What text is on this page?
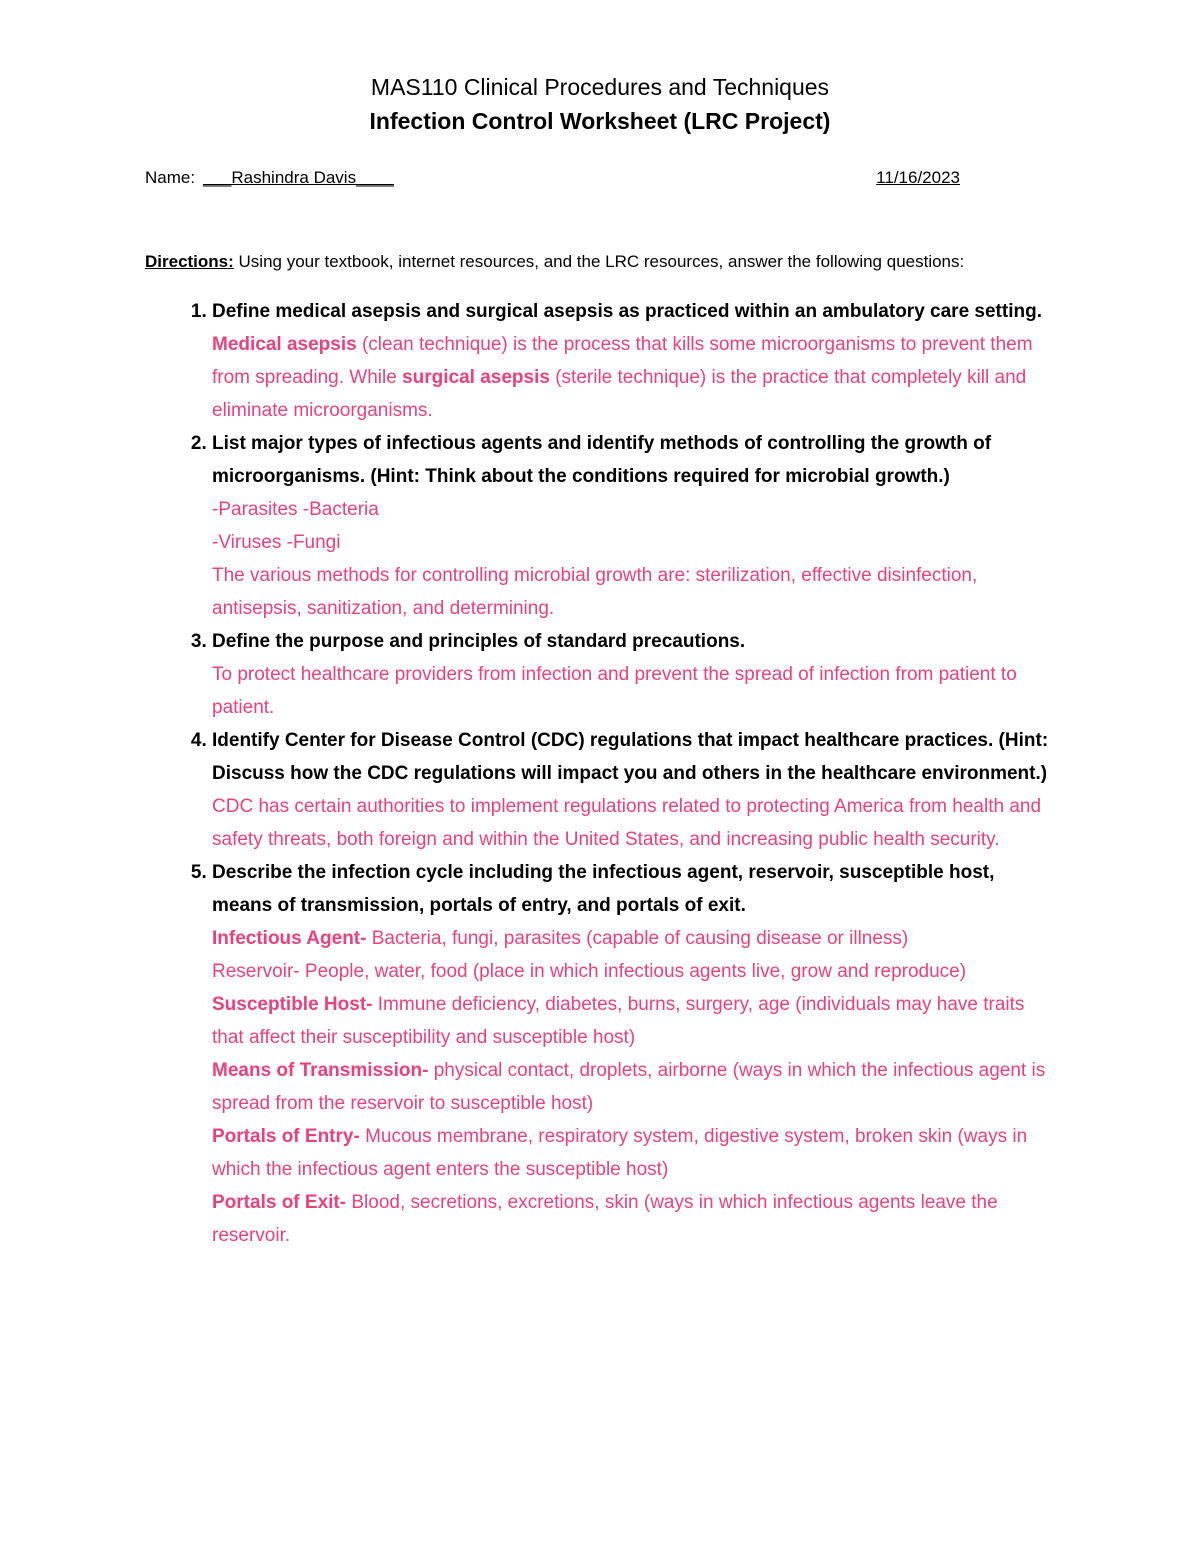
MAS110 Clinical Procedures and Techniques
Infection Control Worksheet (LRC Project)
Name: ___Rashindra Davis____	11/16/2023
Directions: Using your textbook, internet resources, and the LRC resources, answer the following questions:
1. Define medical asepsis and surgical asepsis as practiced within an ambulatory care setting.
Medical asepsis (clean technique) is the process that kills some microorganisms to prevent them from spreading. While surgical asepsis (sterile technique) is the practice that completely kill and eliminate microorganisms.
2. List major types of infectious agents and identify methods of controlling the growth of microorganisms. (Hint: Think about the conditions required for microbial growth.)
-Parasites -Bacteria
-Viruses -Fungi
The various methods for controlling microbial growth are: sterilization, effective disinfection, antisepsis, sanitization, and determining.
3. Define the purpose and principles of standard precautions.
To protect healthcare providers from infection and prevent the spread of infection from patient to patient.
4. Identify Center for Disease Control (CDC) regulations that impact healthcare practices. (Hint: Discuss how the CDC regulations will impact you and others in the healthcare environment.)
CDC has certain authorities to implement regulations related to protecting America from health and safety threats, both foreign and within the United States, and increasing public health security.
5. Describe the infection cycle including the infectious agent, reservoir, susceptible host, means of transmission, portals of entry, and portals of exit.
Infectious Agent- Bacteria, fungi, parasites (capable of causing disease or illness)
Reservoir- People, water, food (place in which infectious agents live, grow and reproduce)
Susceptible Host- Immune deficiency, diabetes, burns, surgery, age (individuals may have traits that affect their susceptibility and susceptible host)
Means of Transmission- physical contact, droplets, airborne (ways in which the infectious agent is spread from the reservoir to susceptible host)
Portals of Entry- Mucous membrane, respiratory system, digestive system, broken skin (ways in which the infectious agent enters the susceptible host)
Portals of Exit- Blood, secretions, excretions, skin (ways in which infectious agents leave the reservoir.
